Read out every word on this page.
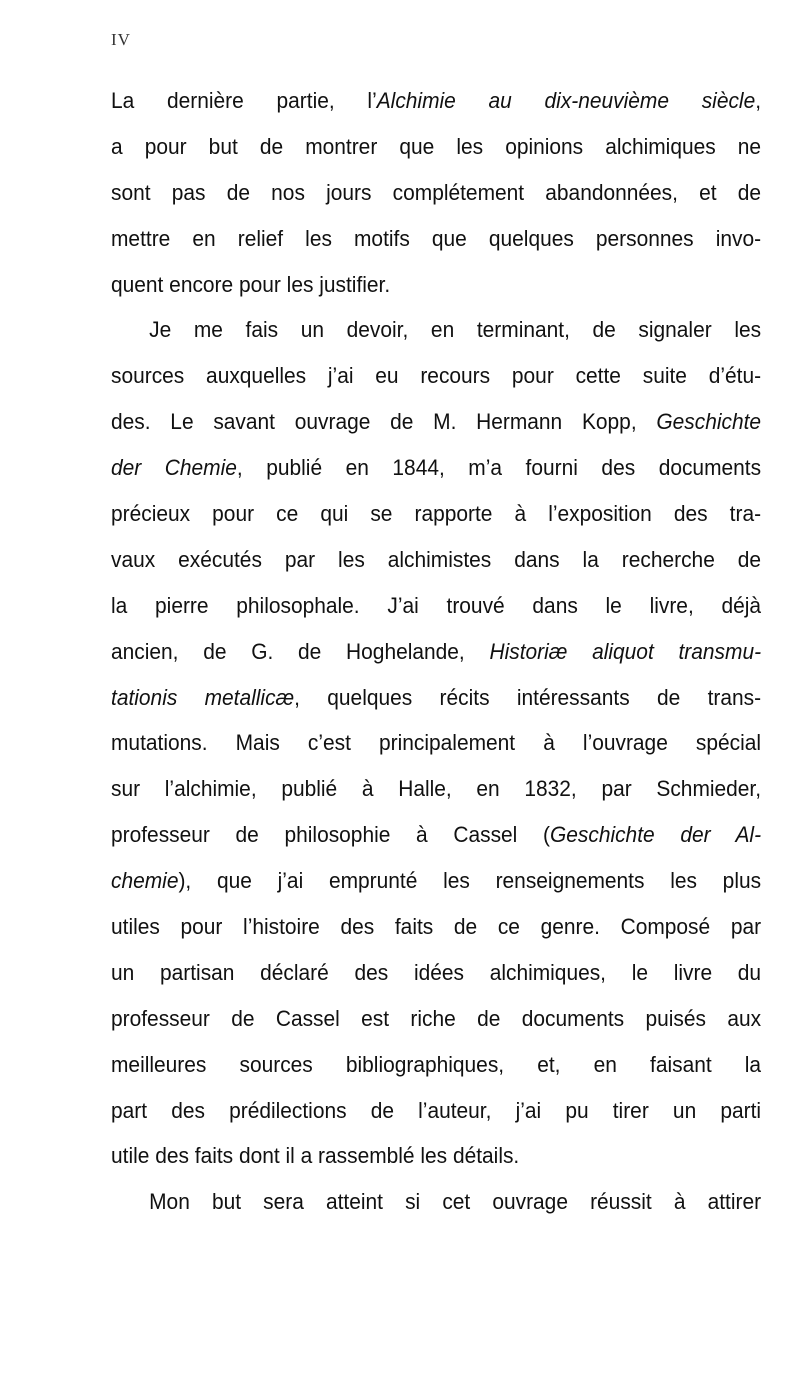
IV
La dernière partie, l’Alchimie au dix-neuvième siècle,
a pour but de montrer que les opinions alchimiques ne
sont pas de nos jours complétement abandonnées, et de
mettre en relief les motifs que quelques personnes invo-
quent encore pour les justifier.
Je me fais un devoir, en terminant, de signaler les
sources auxquelles j’ai eu recours pour cette suite d’étu-
des. Le savant ouvrage de M. Hermann Kopp, Geschichte
der Chemie, publié en 1844, m’a fourni des documents
précieux pour ce qui se rapporte à l’exposition des tra-
vaux exécutés par les alchimistes dans la recherche de
la pierre philosophale. J’ai trouvé dans le livre, déjà
ancien, de G. de Hoghelande, Historiæ aliquot transmu-
tationis metallicæ, quelques récits intéressants de trans-
mutations. Mais c’est principalement à l’ouvrage spécial
sur l’alchimie, publié à Halle, en 1832, par Schmieder,
professeur de philosophie à Cassel (Geschichte der Al-
chemie), que j’ai emprunté les renseignements les plus
utiles pour l’histoire des faits de ce genre. Composé par
un partisan déclaré des idées alchimiques, le livre du
professeur de Cassel est riche de documents puisés aux
meilleures sources bibliographiques, et, en faisant la
part des prédilections de l’auteur, j’ai pu tirer un parti
utile des faits dont il a rassemblé les détails.
Mon but sera atteint si cet ouvrage réussit à attirer
